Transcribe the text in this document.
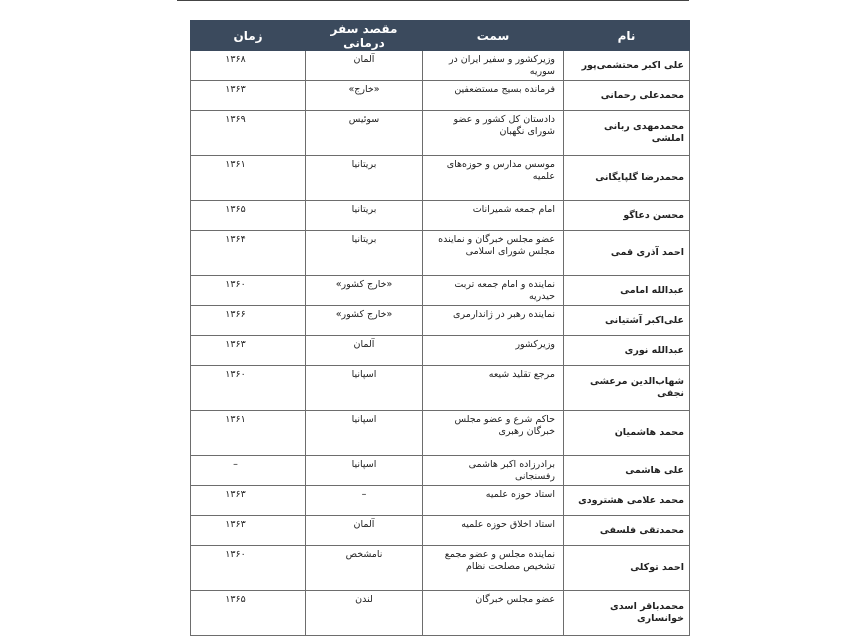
نام	سمت	مقصد سفر درمانی	زمان
علی اکبر محتشمی‌پور	وزیرکشور و سفیر ایران در سوریه	آلمان	۱۳۶۸
محمدعلی رحمانی	فرمانده بسیج مستضعفین	«خارج»	۱۳۶۳
محمدمهدی ربانی املشی	دادستان کل کشور و عضو شورای نگهبان	سوئیس	۱۳۶۹
محمدرضا گلپایگانی	موسس مدارس و حوزه‌های علمیه	بریتانیا	۱۳۶۱
محسن دعاگو	امام جمعه شمیرانات	بریتانیا	۱۳۶۵
احمد آذری قمی	عضو مجلس خبرگان و نماینده مجلس شورای اسلامی	بریتانیا	۱۳۶۴
عبدالله امامی	نماینده و امام جمعه تربت حیدریه	«خارج کشور»	۱۳۶۰
علی‌اکبر آشتیانی	نماینده رهبر در ژاندارمری	«خارج کشور»	۱۳۶۶
عبدالله نوری	وزیرکشور	آلمان	۱۳۶۳
شهاب‌الدین مرعشی نجفی	مرجع تقلید شیعه	اسپانیا	۱۳۶۰
محمد هاشمیان	حاکم شرع و عضو مجلس خبرگان رهبری	اسپانیا	۱۳۶۱
علی هاشمی	برادرزاده اکبر هاشمی رفسنجانی	اسپانیا	–
محمد علامی هشترودی	استاد حوزه علمیه	–	۱۳۶۳
محمدتقی فلسفی	استاد اخلاق حوزه علمیه	آلمان	۱۳۶۳
احمد توکلی	نماینده مجلس و عضو مجمع تشخیص مصلحت نظام	نامشخص	۱۳۶۰
محمدباقر اسدی خوانساری	عضو مجلس خبرگان	لندن	۱۳۶۵
